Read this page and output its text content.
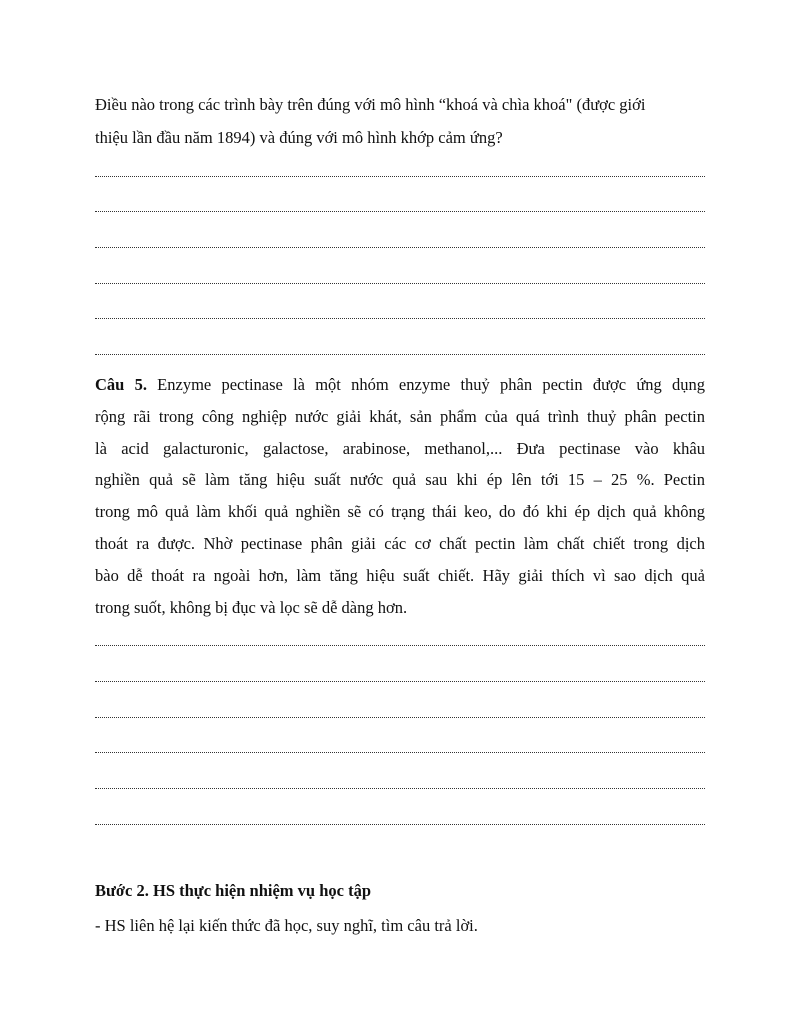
Điều nào trong các trình bày trên đúng với mô hình “khoá và chìa khoá" (được giới
thiệu lần đầu năm 1894) và đúng với mô hình khớp cảm ứng?
Câu 5. Enzyme pectinase là một nhóm enzyme thuỷ phân pectin được ứng dụng
rộng rãi trong công nghiệp nước giải khát, sản phẩm của quá trình thuỷ phân pectin
là acid galacturonic, galactose, arabinose, methanol,... Đưa pectinase vào khâu
nghiền quả sẽ làm tăng hiệu suất nước quả sau khi ép lên tới 15 – 25 %. Pectin
trong mô quả làm khối quả nghiền sẽ có trạng thái keo, do đó khi ép dịch quả không
thoát ra được. Nhờ pectinase phân giải các cơ chất pectin làm chất chiết trong dịch
bào dễ thoát ra ngoài hơn, làm tăng hiệu suất chiết. Hãy giải thích vì sao dịch quả
trong suốt, không bị đục và lọc sẽ dễ dàng hơn.
Bước 2. HS thực hiện nhiệm vụ học tập
- HS liên hệ lại kiến thức đã học, suy nghĩ, tìm câu trả lời.
